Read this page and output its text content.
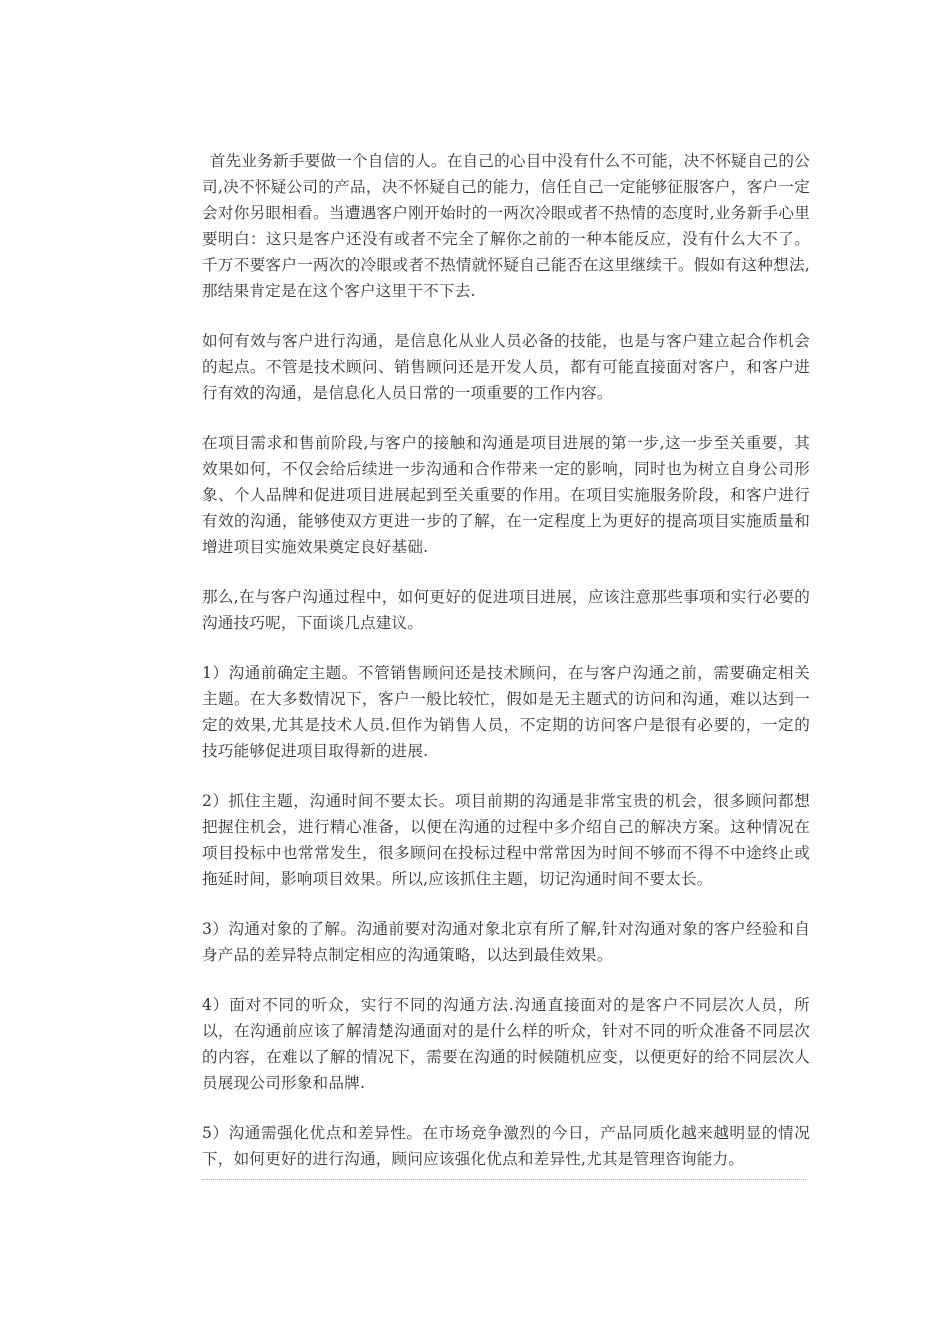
首先业务新手要做一个自信的人。在自己的心目中没有什么不可能，决不怀疑自己的公司,决不怀疑公司的产品，决不怀疑自己的能力，信任自己一定能够征服客户，客户一定会对你另眼相看。当遭遇客户刚开始时的一两次冷眼或者不热情的态度时,业务新手心里要明白：这只是客户还没有或者不完全了解你之前的一种本能反应，没有什么大不了。千万不要客户一两次的冷眼或者不热情就怀疑自己能否在这里继续干。假如有这种想法,那结果肯定是在这个客户这里干不下去.

如何有效与客户进行沟通，是信息化从业人员必备的技能，也是与客户建立起合作机会的起点。不管是技术顾问、销售顾问还是开发人员，都有可能直接面对客户，和客户进行有效的沟通，是信息化人员日常的一项重要的工作内容。

在项目需求和售前阶段,与客户的接触和沟通是项目进展的第一步,这一步至关重要，其效果如何，不仅会给后续进一步沟通和合作带来一定的影响，同时也为树立自身公司形象、个人品牌和促进项目进展起到至关重要的作用。在项目实施服务阶段，和客户进行有效的沟通，能够使双方更进一步的了解，在一定程度上为更好的提高项目实施质量和增进项目实施效果奠定良好基础.

那么,在与客户沟通过程中，如何更好的促进项目进展，应该注意那些事项和实行必要的沟通技巧呢，下面谈几点建议。

1）沟通前确定主题。不管销售顾问还是技术顾问，在与客户沟通之前，需要确定相关主题。在大多数情况下，客户一般比较忙，假如是无主题式的访问和沟通，难以达到一定的效果,尤其是技术人员.但作为销售人员，不定期的访问客户是很有必要的，一定的技巧能够促进项目取得新的进展.

2）抓住主题，沟通时间不要太长。项目前期的沟通是非常宝贵的机会，很多顾问都想把握住机会，进行精心准备，以便在沟通的过程中多介绍自己的解决方案。这种情况在项目投标中也常常发生，很多顾问在投标过程中常常因为时间不够而不得不中途终止或拖延时间，影响项目效果。所以,应该抓住主题，切记沟通时间不要太长。

3）沟通对象的了解。沟通前要对沟通对象北京有所了解,针对沟通对象的客户经验和自身产品的差异特点制定相应的沟通策略，以达到最佳效果。

4）面对不同的听众，实行不同的沟通方法.沟通直接面对的是客户不同层次人员，所以，在沟通前应该了解清楚沟通面对的是什么样的听众，针对不同的听众准备不同层次的内容，在难以了解的情况下，需要在沟通的时候随机应变，以便更好的给不同层次人员展现公司形象和品牌.

5）沟通需强化优点和差异性。在市场竞争激烈的今日，产品同质化越来越明显的情况下，如何更好的进行沟通，顾问应该强化优点和差异性,尤其是管理咨询能力。
